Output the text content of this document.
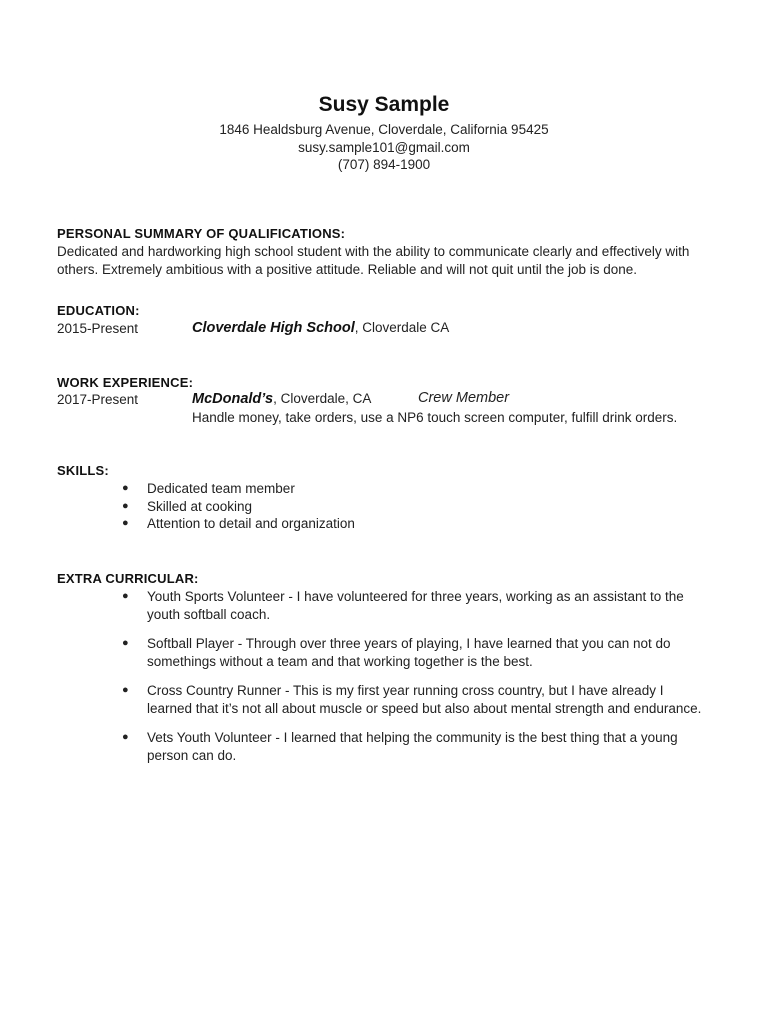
Susy Sample
1846 Healdsburg Avenue, Cloverdale, California 95425
susy.sample101@gmail.com
(707) 894-1900
PERSONAL SUMMARY OF QUALIFICATIONS:
Dedicated and hardworking high school student with the ability to communicate clearly and effectively with others. Extremely ambitious with a positive attitude. Reliable and will not quit until the job is done.
EDUCATION:
2015-Present	Cloverdale High School, Cloverdale CA
WORK EXPERIENCE:
2017-Present	McDonald’s, Cloverdale, CA	Crew Member
Handle money, take orders, use a NP6 touch screen computer, fulfill drink orders.
SKILLS:
● Dedicated team member
● Skilled at cooking
● Attention to detail and organization
EXTRA CURRICULAR:
● Youth Sports Volunteer - I have volunteered for three years, working as an assistant to the youth softball coach.
● Softball Player - Through over three years of playing, I have learned that you can not do somethings without a team and that working together is the best.
● Cross Country Runner - This is my first year running cross country, but I have already I learned that it’s not all about muscle or speed but also about mental strength and endurance.
● Vets Youth Volunteer - I learned that helping the community is the best thing that a young person can do.
